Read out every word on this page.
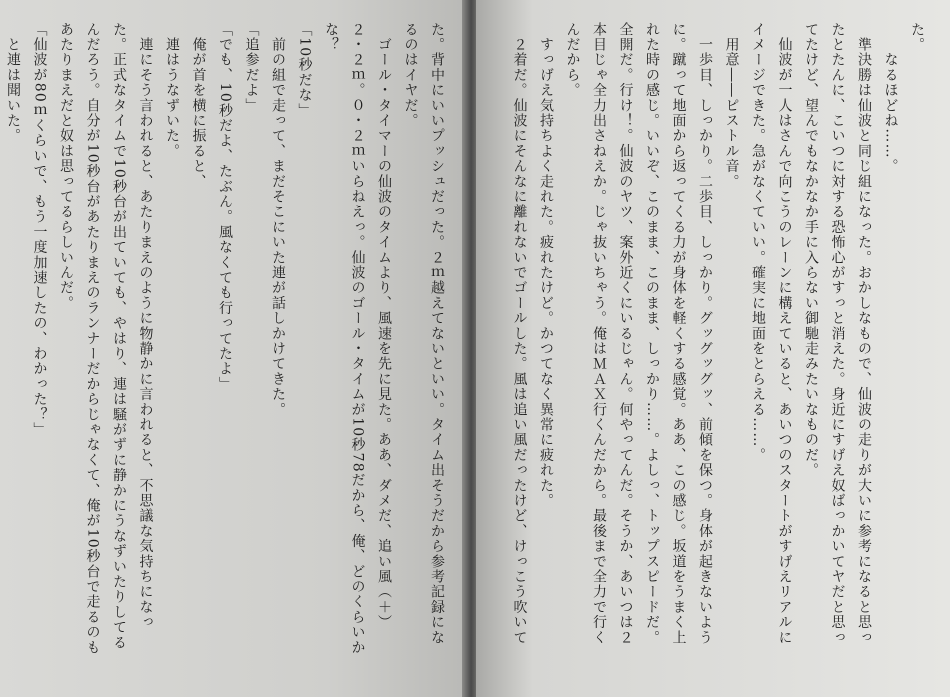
た。背中にいいプッシュだった。２ｍ越えてないといい。タイム出そうだから参考記録にな
るのはイヤだ。
　ゴール・タイマーの仙波のタイムより、風速を先に見た。ああ、ダメだ、追い風（＋）
２・２ｍ。０・２ｍいらねえっ。仙波のゴール・タイムが10秒78だから、俺、どのくらいか
な？
「10秒だな」
　前の組で走って、まだそこにいた連が話しかけてきた。
「追参だよ」
「でも、10秒だよ、たぶん。風なくても行ってたよ」
　俺が首を横に振ると、
　連はうなずいた。
　連にそう言われると、あたりまえのように物静かに言われると、不思議な気持ちになっ
た。正式なタイムで10秒台が出ていても、やはり、連は騒がずに静かにうなずいたりしてる
んだろう。自分が10秒台があたりまえのランナーだからじゃなくて、俺が10秒台で走るのも
あたりまえだと奴は思ってるらしいんだ。
「仙波が80ｍくらいで、もう一度加速したの、わかった？」
　と連は聞いた。	た。
　　なるほどね……。
　準決勝は仙波と同じ組になった。おかしなもので、仙波の走りが大いに参考になると思っ
たとたんに、こいつに対する恐怖心がすっと消えた。身近にすげえ奴ばっかいてヤだと思っ
てたけど、望んでもなかなか手に入らない御馳走みたいなものだ。
　仙波が一人はさんで向こうのレーンに構えていると、あいつのスタートがすげえリアルに
イメージできた。急がなくていい。確実に地面をとらえる……。
　用意――ピストル音。
　一歩目、しっかり。二歩目、しっかり。グッグッグッ、前傾を保つ。身体が起きないよう
に。蹴って地面から返ってくる力が身体を軽くする感覚。ああ、この感じ。坂道をうまく上
れた時の感じ。いいぞ、このまま、このまま、しっかり……。よしっ、トップスピードだ。
全開だ。行け！。仙波のヤツ、案外近くにいるじゃん。何やってんだ。そうか、あいつは２
本目じゃ全力出さねえか。じゃ抜いちゃう。俺はＭＡＸ行くんだから。最後まで全力で行く
んだから。
　すっげえ気持ちよく走れた。疲れたけど。かつてなく異常に疲れた。
　２着だ。仙波にそんなに離れないでゴールした。風は追い風だったけど、けっこう吹いて
